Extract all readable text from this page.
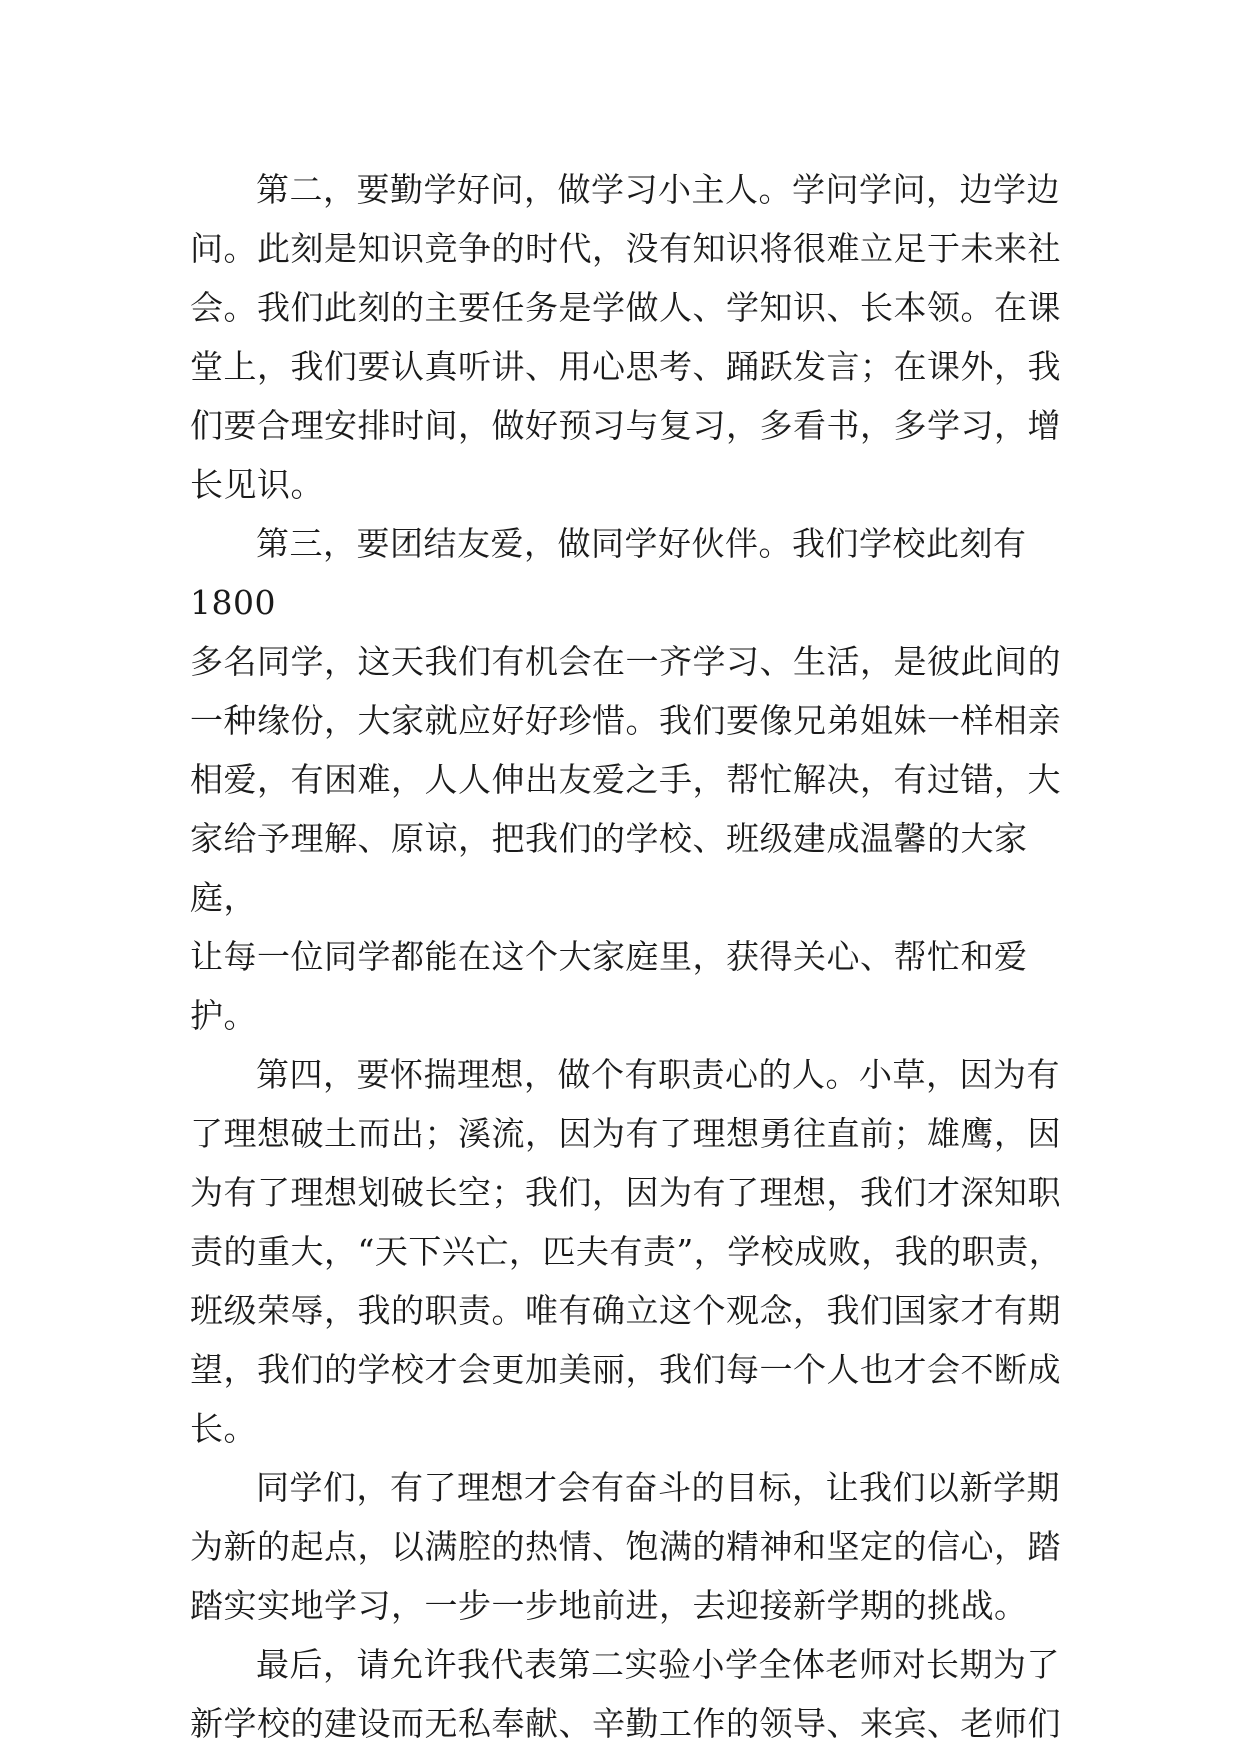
第二，要勤学好问，做学习小主人。学问学问，边学边
问。此刻是知识竞争的时代，没有知识将很难立足于未来社
会。我们此刻的主要任务是学做人、学知识、长本领。在课
堂上，我们要认真听讲、用心思考、踊跃发言；在课外，我
们要合理安排时间，做好预习与复习，多看书，多学习，增
长见识。

第三，要团结友爱，做同学好伙伴。我们学校此刻有 1800
多名同学，这天我们有机会在一齐学习、生活，是彼此间的
一种缘份，大家就应好好珍惜。我们要像兄弟姐妹一样相亲
相爱，有困难，人人伸出友爱之手，帮忙解决，有过错，大
家给予理解、原谅，把我们的学校、班级建成温馨的大家庭，
让每一位同学都能在这个大家庭里，获得关心、帮忙和爱护。

第四，要怀揣理想，做个有职责心的人。小草，因为有
了理想破土而出；溪流，因为有了理想勇往直前；雄鹰，因
为有了理想划破长空；我们，因为有了理想，我们才深知职
责的重大，“天下兴亡，匹夫有责”，学校成败，我的职责，
班级荣辱，我的职责。唯有确立这个观念，我们国家才有期
望，我们的学校才会更加美丽，我们每一个人也才会不断成
长。

同学们，有了理想才会有奋斗的目标，让我们以新学期
为新的起点，以满腔的热情、饱满的精神和坚定的信心，踏
踏实实地学习，一步一步地前进，去迎接新学期的挑战。

最后，请允许我代表第二实验小学全体老师对长期为了
新学校的建设而无私奉献、辛勤工作的领导、来宾、老师们
